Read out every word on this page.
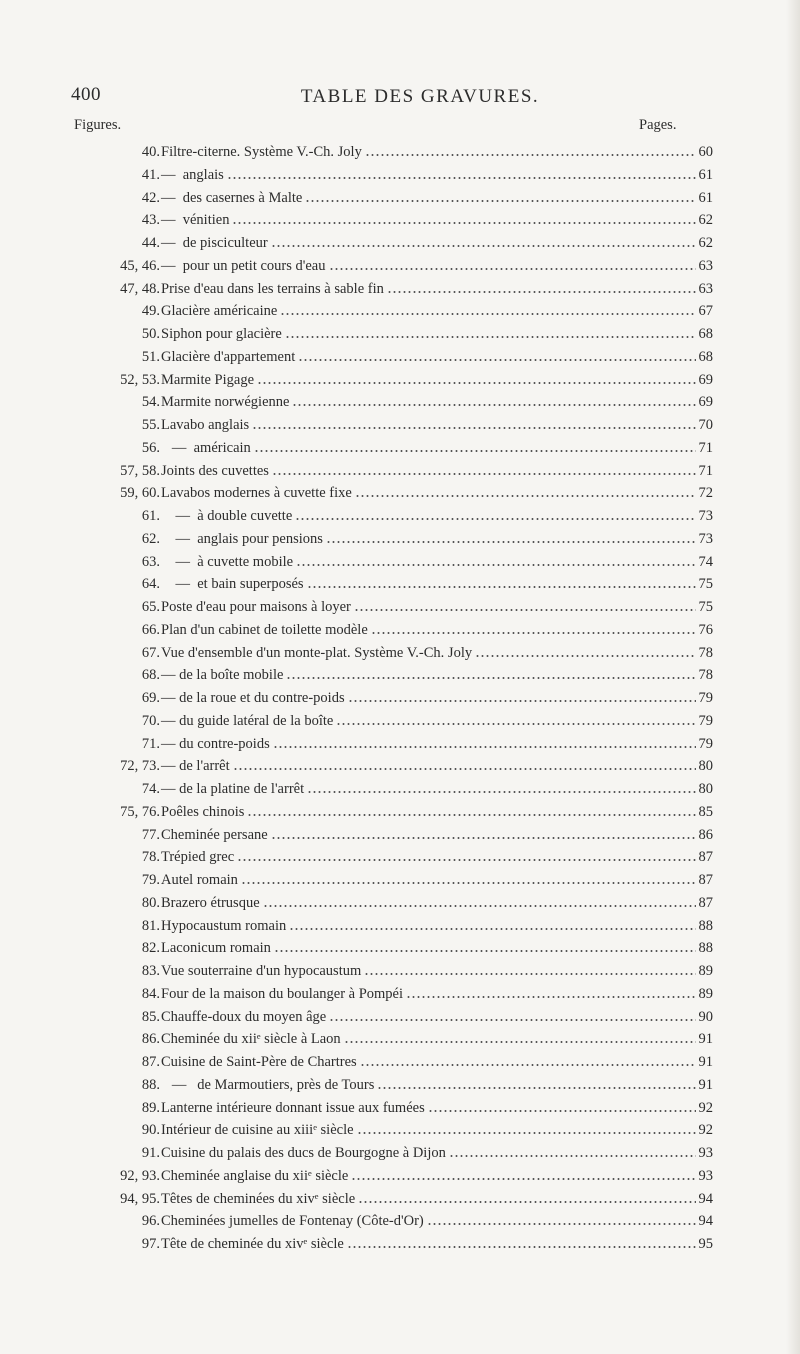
400	TABLE DES GRAVURES.
Figures.	Pages.
40. Filtre-citerne. Système V.-Ch. Joly	60
41. — anglais	61
42. — des casernes à Malte	61
43. — vénitien	62
44. — de pisciculteur	62
45, 46. — pour un petit cours d'eau	63
47, 48. Prise d'eau dans les terrains à sable fin	63
49. Glacière américaine	67
50. Siphon pour glacière	68
51. Glacière d'appartement	68
52, 53. Marmite Pigage	69
54. Marmite norwégienne	69
55. Lavabo anglais	70
56. — américain	71
57, 58. Joints des cuvettes	71
59, 60. Lavabos modernes à cuvette fixe	72
61. — à double cuvette	73
62. — anglais pour pensions	73
63. — à cuvette mobile	74
64. — et bain superposés	75
65. Poste d'eau pour maisons à loyer	75
66. Plan d'un cabinet de toilette modèle	76
67. Vue d'ensemble d'un monte-plat. Système V.-Ch. Joly	78
68. — de la boîte mobile	78
69. — de la roue et du contre-poids	79
70. — du guide latéral de la boîte	79
71. — du contre-poids	79
72, 73. — de l'arrêt	80
74. — de la platine de l'arrêt	80
75, 76. Poêles chinois	85
77. Cheminée persane	86
78. Trépied grec	87
79. Autel romain	87
80. Brazero étrusque	87
81. Hypocaustum romain	88
82. Laconicum romain	88
83. Vue souterraine d'un hypocaustum	89
84. Four de la maison du boulanger à Pompéi	89
85. Chauffe-doux du moyen âge	90
86. Cheminée du xiiᵉ siècle à Laon	91
87. Cuisine de Saint-Père de Chartres	91
88. — de Marmoutiers, près de Tours	91
89. Lanterne intérieure donnant issue aux fumées	92
90. Intérieur de cuisine au xiiiᵉ siècle	92
91. Cuisine du palais des ducs de Bourgogne à Dijon	93
92, 93. Cheminée anglaise du xiiᵉ siècle	93
94, 95. Têtes de cheminées du xivᵉ siècle	94
96. Cheminées jumelles de Fontenay (Côte-d'Or)	94
97. Tête de cheminée du xivᵉ siècle	95
